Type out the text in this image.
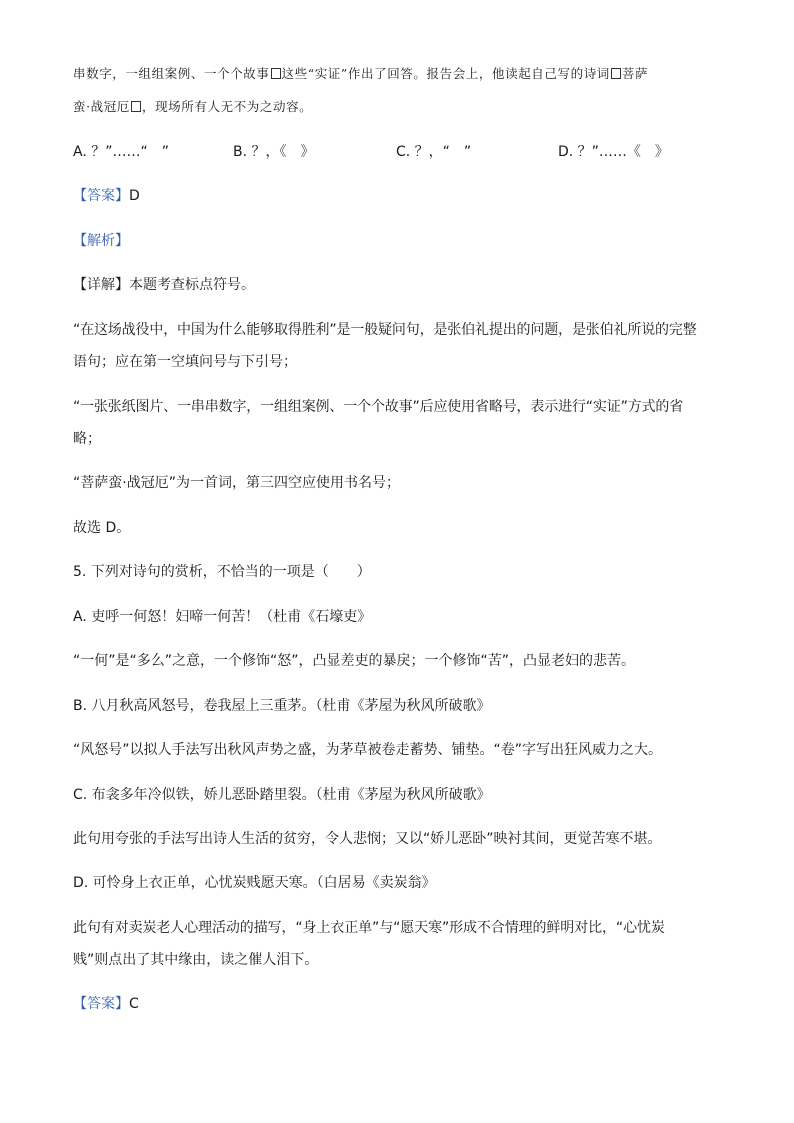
串数字，一组组案例、一个个故事 这些“实证”作出了回答。报告会上，他读起自己写的诗词 菩萨
蛮·战冠厄 ，现场所有人无不为之动容。
A. ？”……“　”	B. ？，《　》	C. ？，“　”	D. ？”……《　》
【答案】D
【解析】
【详解】本题考查标点符号。
“在这场战役中，中国为什么能够取得胜利”是一般疑问句，是张伯礼提出的问题，是张伯礼所说的完整
语句；应在第一空填问号与下引号；
“一张张纸图片、一串串数字，一组组案例、一个个故事”后应使用省略号，表示进行“实证”方式的省
略；
“菩萨蛮·战冠厄”为一首词，第三四空应使用书名号；
故选 D。
5. 下列对诗句的赏析，不恰当的一项是（　　）
A. 吏呼一何怒！妇啼一何苦！（杜甫《石壕吏》
“一何”是“多么”之意，一个修饰“怒”，凸显差吏的暴戾；一个修饰“苦”，凸显老妇的悲苦。
B. 八月秋高风怒号，卷我屋上三重茅。（杜甫《茅屋为秋风所破歌》
“风怒号”以拟人手法写出秋风声势之盛，为茅草被卷走蓄势、铺垫。“卷”字写出狂风威力之大。
C. 布衾多年冷似铁，娇儿恶卧踏里裂。（杜甫《茅屋为秋风所破歌》
此句用夸张的手法写出诗人生活的贫穷，令人悲悯；又以“娇儿恶卧”映衬其间，更觉苦寒不堪。
D. 可怜身上衣正单，心忧炭贱愿天寒。（白居易《卖炭翁》
此句有对卖炭老人心理活动的描写，“身上衣正单”与“愿天寒”形成不合情理的鲜明对比，“心忧炭
贱”则点出了其中缘由，读之催人泪下。
【答案】C
